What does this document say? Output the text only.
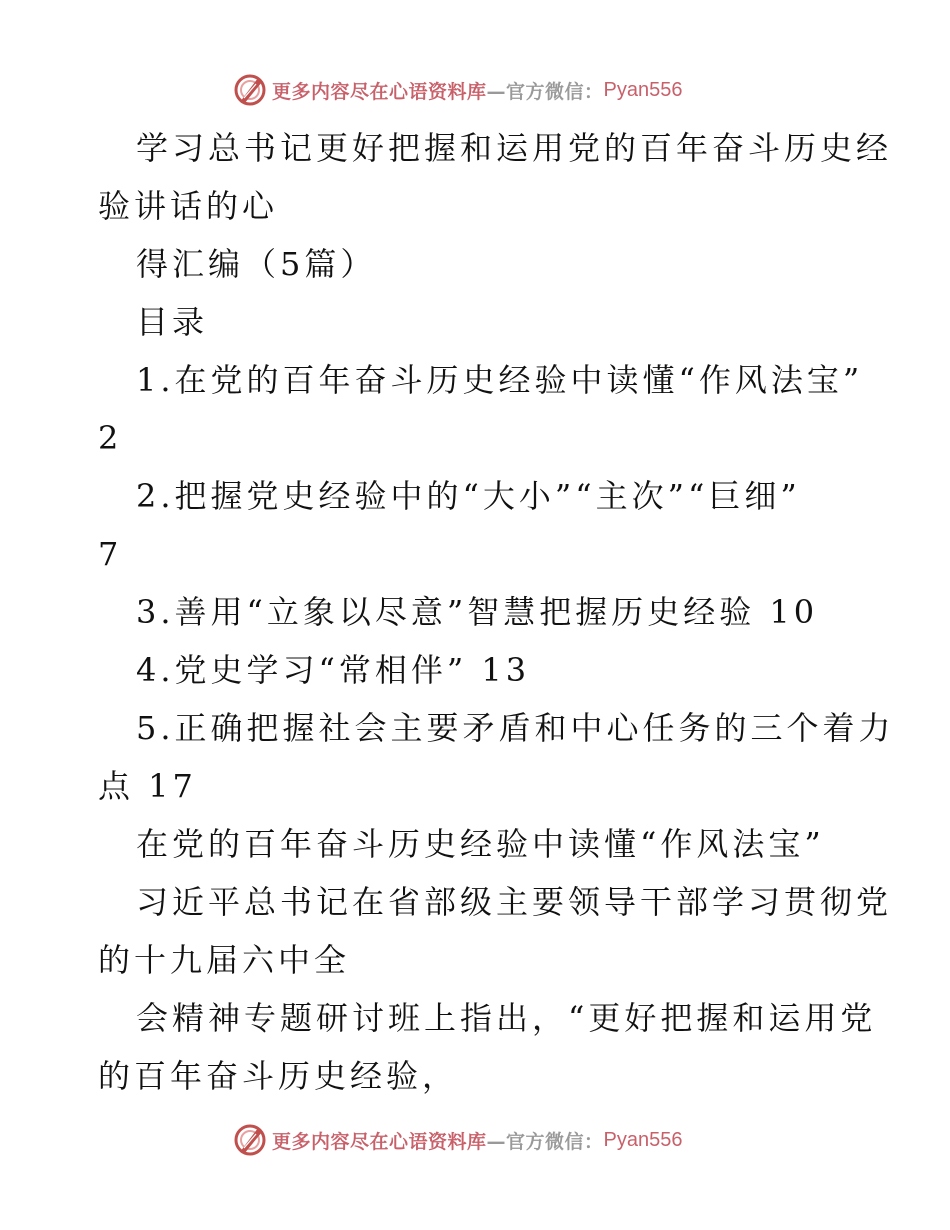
更多内容尽在心语资料库 —官方微信： Pyan556
学习总书记更好把握和运用党的百年奋斗历史经
验讲话的心
得汇编（5篇）
目录
1.在党的百年奋斗历史经验中读懂“作风法宝”
2
2.把握党史经验中的“大小”“主次”“巨细”
7
3.善用“立象以尽意”智慧把握历史经验 10
4.党史学习“常相伴” 13
5.正确把握社会主要矛盾和中心任务的三个着力
点 17
在党的百年奋斗历史经验中读懂“作风法宝”
习近平总书记在省部级主要领导干部学习贯彻党
的十九届六中全
会精神专题研讨班上指出，“更好把握和运用党
的百年奋斗历史经验，
更多内容尽在心语资料库 —官方微信： Pyan556
